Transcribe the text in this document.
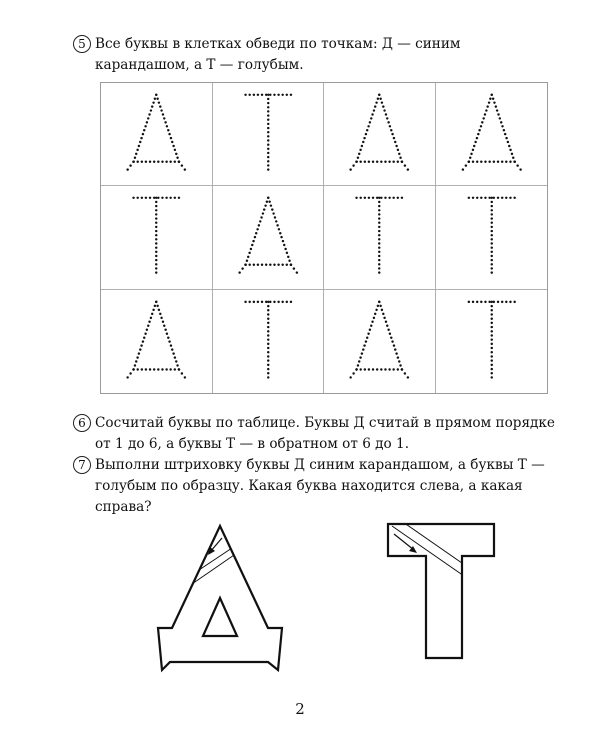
5 Все буквы в клетках обведи по точкам: Д — синим карандашом, а Т — голубым.
6 Сосчитай буквы по таблице. Буквы Д считай в прямом порядке от 1 до 6, а буквы Т — в обратном от 6 до 1.
7 Выполни штриховку буквы Д синим карандашом, а буквы Т — голубым по образцу. Какая буква находится слева, а какая справа?
2
